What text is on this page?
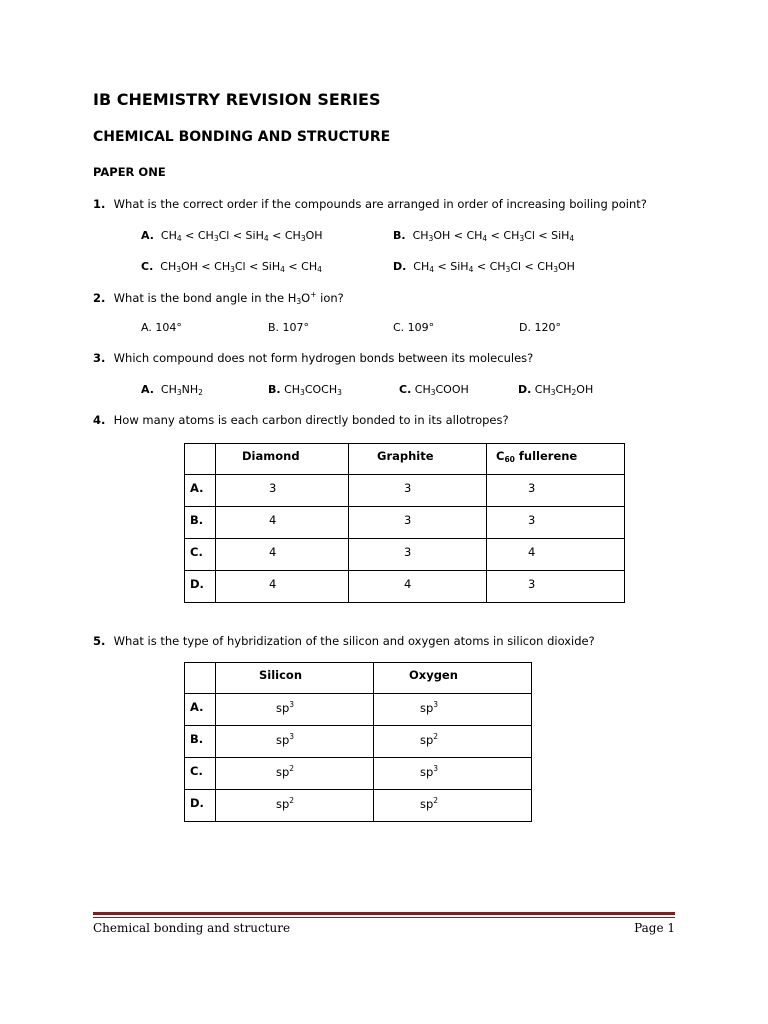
IB CHEMISTRY REVISION SERIES
CHEMICAL BONDING AND STRUCTURE
PAPER ONE
1. What is the correct order if the compounds are arranged in order of increasing boiling point?
A.  $CH_4 < CH_3Cl < SiH_4 < CH_3OH$	B.  $CH_3OH < CH_4 < CH_3Cl < SiH_4$
C.  $CH_3OH < CH_3Cl < SiH_4 < CH_4$	D.  $CH_4 < SiH_4 < CH_3Cl < CH_3OH$
2. What is the bond angle in the $H_3O^+$ ion?
A. 104°	B. 107°	C. 109°	D. 120°
3. Which compound does not form hydrogen bonds between its molecules?
A.  $CH_3NH_2$	B. $CH_3COCH_3$	C. $CH_3COOH$	D. $CH_3CH_2OH$
4. How many atoms is each carbon directly bonded to in its allotropes?
	Diamond	Graphite	$C_{60}$ fullerene
A.	3	3	3
B.	4	3	3
C.	4	3	4
D.	4	4	3
5. What is the type of hybridization of the silicon and oxygen atoms in silicon dioxide?
	Silicon	Oxygen
A.	$sp^3$	$sp^3$
B.	$sp^3$	$sp^2$
C.	$sp^2$	$sp^3$
D.	$sp^2$	$sp^2$
Chemical bonding and structure	Page 1
